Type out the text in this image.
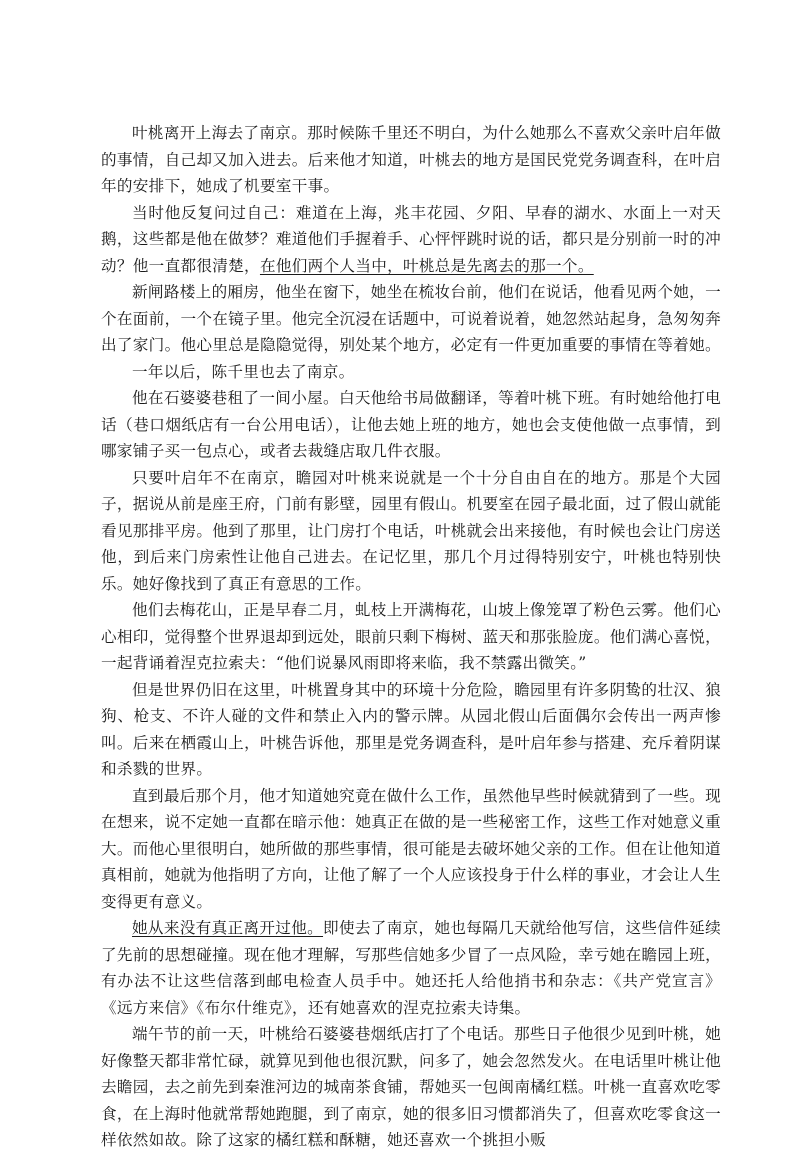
叶桃离开上海去了南京。那时候陈千里还不明白，为什么她那么不喜欢父亲叶启年做的事情，自己却又加入进去。后来他才知道，叶桃去的地方是国民党党务调查科，在叶启年的安排下，她成了机要室干事。

当时他反复问过自己：难道在上海，兆丰花园、夕阳、早春的湖水、水面上一对天鹅，这些都是他在做梦？难道他们手握着手、心怦怦跳时说的话，都只是分别前一时的冲动？他一直都很清楚，在他们两个人当中，叶桃总是先离去的那一个。

新闸路楼上的厢房，他坐在窗下，她坐在梳妆台前，他们在说话，他看见两个她，一个在面前，一个在镜子里。他完全沉浸在话题中，可说着说着，她忽然站起身，急匆匆奔出了家门。他心里总是隐隐觉得，别处某个地方，必定有一件更加重要的事情在等着她。

一年以后，陈千里也去了南京。

他在石婆婆巷租了一间小屋。白天他给书局做翻译，等着叶桃下班。有时她给他打电话（巷口烟纸店有一台公用电话），让他去她上班的地方，她也会支使他做一点事情，到哪家铺子买一包点心，或者去裁缝店取几件衣服。

只要叶启年不在南京，瞻园对叶桃来说就是一个十分自由自在的地方。那是个大园子，据说从前是座王府，门前有影壁，园里有假山。机要室在园子最北面，过了假山就能看见那排平房。他到了那里，让门房打个电话，叶桃就会出来接他，有时候也会让门房送他，到后来门房索性让他自己进去。在记忆里，那几个月过得特别安宁，叶桃也特别快乐。她好像找到了真正有意思的工作。

他们去梅花山，正是早春二月，虬枝上开满梅花，山坡上像笼罩了粉色云雾。他们心心相印，觉得整个世界退却到远处，眼前只剩下梅树、蓝天和那张脸庞。他们满心喜悦，一起背诵着涅克拉索夫：“他们说暴风雨即将来临，我不禁露出微笑。”

但是世界仍旧在这里，叶桃置身其中的环境十分危险，瞻园里有许多阴鸷的壮汉、狼狗、枪支、不许人碰的文件和禁止入内的警示牌。从园北假山后面偶尔会传出一两声惨叫。后来在栖霞山上，叶桃告诉他，那里是党务调查科，是叶启年参与搭建、充斥着阴谋和杀戮的世界。

直到最后那个月，他才知道她究竟在做什么工作，虽然他早些时候就猜到了一些。现在想来，说不定她一直都在暗示他：她真正在做的是一些秘密工作，这些工作对她意义重大。而他心里很明白，她所做的那些事情，很可能是去破坏她父亲的工作。但在让他知道真相前，她就为他指明了方向，让他了解了一个人应该投身于什么样的事业，才会让人生变得更有意义。

她从来没有真正离开过他。即使去了南京，她也每隔几天就给他写信，这些信件延续了先前的思想碰撞。现在他才理解，写那些信她多少冒了一点风险，幸亏她在瞻园上班，有办法不让这些信落到邮电检查人员手中。她还托人给他捎书和杂志：《共产党宣言》《远方来信》《布尔什维克》，还有她喜欢的涅克拉索夫诗集。

端午节的前一天，叶桃给石婆婆巷烟纸店打了个电话。那些日子他很少见到叶桃，她好像整天都非常忙碌，就算见到他也很沉默，问多了，她会忽然发火。在电话里叶桃让他去瞻园，去之前先到秦淮河边的城南茶食铺，帮她买一包闽南橘红糕。叶桃一直喜欢吃零食，在上海时他就常帮她跑腿，到了南京，她的很多旧习惯都消失了，但喜欢吃零食这一样依然如故。除了这家的橘红糕和酥糖，她还喜欢一个挑担小贩
